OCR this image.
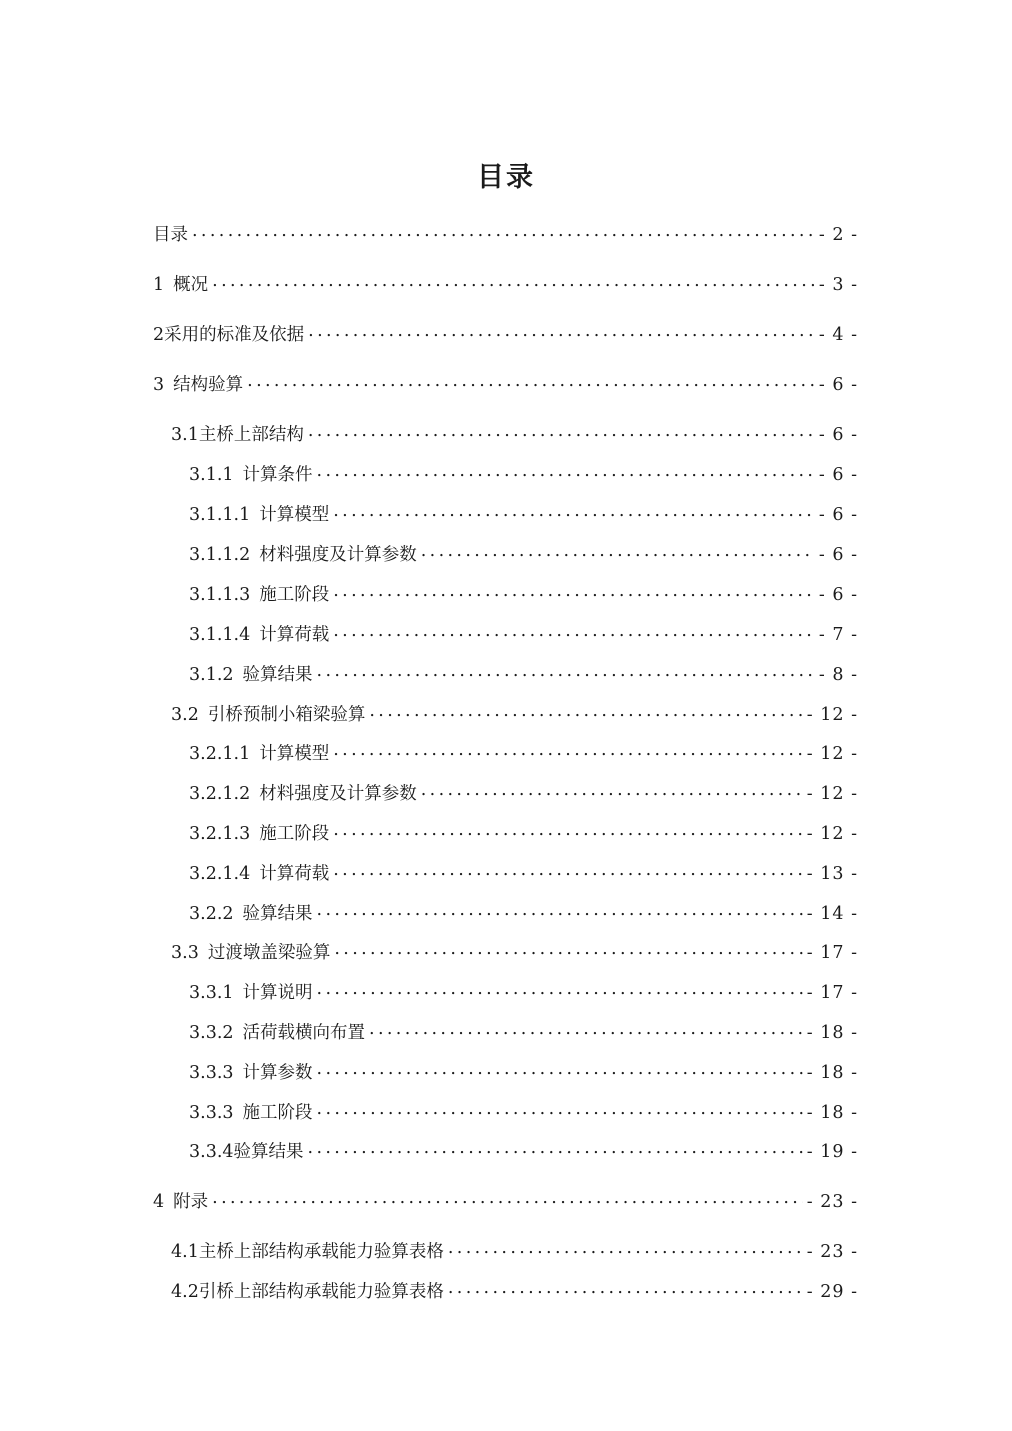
目录
目录 . . .	- 2 -
1 概况 . . .	- 3 -
2 采用的标准及依据 . . .	- 4 -
3 结构验算 . . .	- 6 -
3.1 主桥上部结构 . . .	- 6 -
3.1.1 计算条件 . . .	- 6 -
3.1.1.1 计算模型 . . .	- 6 -
3.1.1.2 材料强度及计算参数 . . .	- 6 -
3.1.1.3 施工阶段 . . .	- 6 -
3.1.1.4 计算荷载 . . .	- 7 -
3.1.2 验算结果 . . .	- 8 -
3.2 引桥预制小箱梁验算 . . .	- 12 -
3.2.1.1 计算模型 . . .	- 12 -
3.2.1.2 材料强度及计算参数 . . .	- 12 -
3.2.1.3 施工阶段 . . .	- 12 -
3.2.1.4 计算荷载 . . .	- 13 -
3.2.2 验算结果 . . .	- 14 -
3.3 过渡墩盖梁验算 . . .	- 17 -
3.3.1 计算说明 . . .	- 17 -
3.3.2 活荷载横向布置 . . .	- 18 -
3.3.3 计算参数 . . .	- 18 -
3.3.3 施工阶段 . . .	- 18 -
3.3.4 验算结果 . . .	- 19 -
4 附录 . . .	- 23 -
4.1 主桥上部结构承载能力验算表格 . . .	- 23 -
4.2 引桥上部结构承载能力验算表格 . . .	- 29 -
